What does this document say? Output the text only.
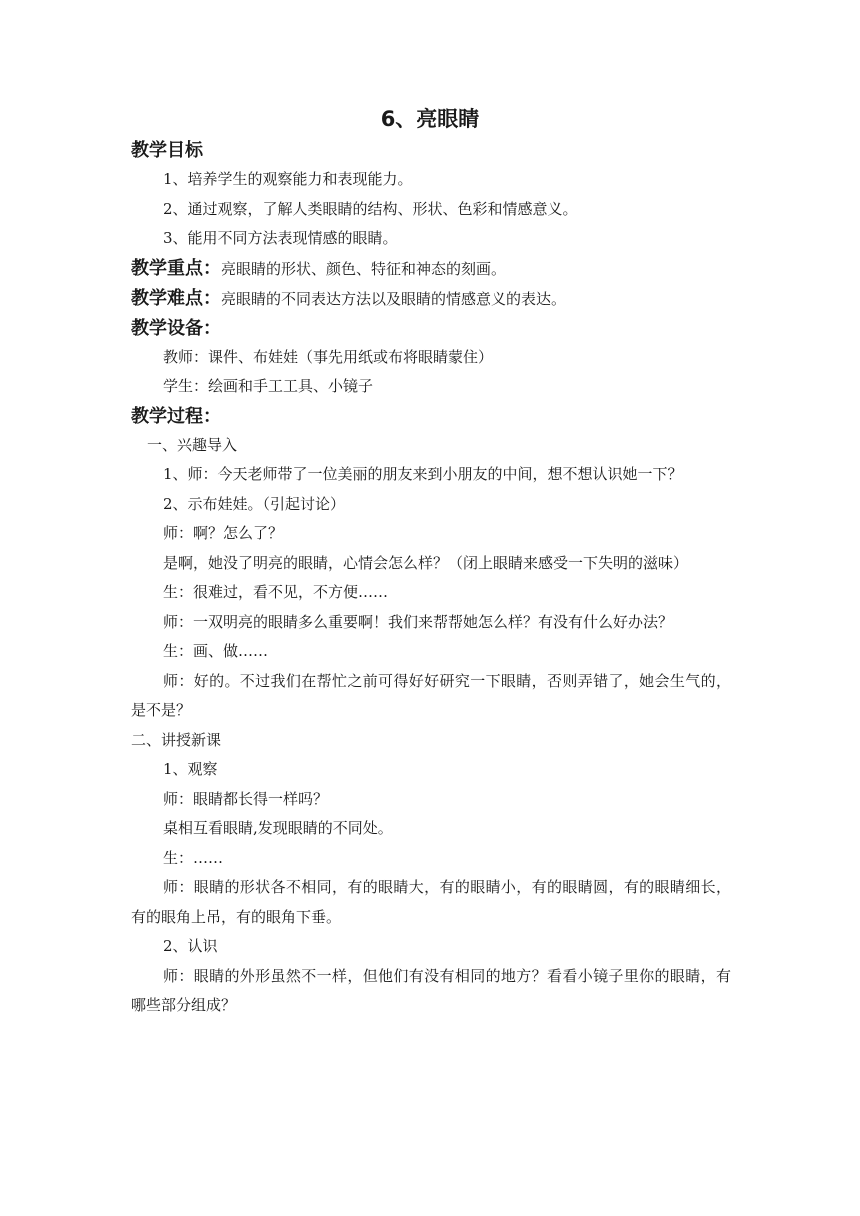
6、亮眼睛

教学目标

1、培养学生的观察能力和表现能力。

2、通过观察，了解人类眼睛的结构、形状、色彩和情感意义。

3、能用不同方法表现情感的眼睛。

教学重点：亮眼睛的形状、颜色、特征和神态的刻画。

教学难点：亮眼睛的不同表达方法以及眼睛的情感意义的表达。

教学设备：

教师：课件、布娃娃（事先用纸或布将眼睛蒙住）

学生：绘画和手工工具、小镜子

教学过程：

一、兴趣导入

1、师：今天老师带了一位美丽的朋友来到小朋友的中间，想不想认识她一下？

2、示布娃娃。（引起讨论）

师：啊？怎么了？

是啊，她没了明亮的眼睛，心情会怎么样？（闭上眼睛来感受一下失明的滋味）

生：很难过，看不见，不方便……

师：一双明亮的眼睛多么重要啊！我们来帮帮她怎么样？有没有什么好办法？

生：画、做……

师：好的。不过我们在帮忙之前可得好好研究一下眼睛，否则弄错了，她会生气的，是不是？

二、讲授新课

1、观察

师：眼睛都长得一样吗？

桌相互看眼睛,发现眼睛的不同处。

生：……

师：眼睛的形状各不相同，有的眼睛大，有的眼睛小，有的眼睛圆，有的眼睛细长，有的眼角上吊，有的眼角下垂。

2、认识

师：眼睛的外形虽然不一样，但他们有没有相同的地方？看看小镜子里你的眼睛，有哪些部分组成？
